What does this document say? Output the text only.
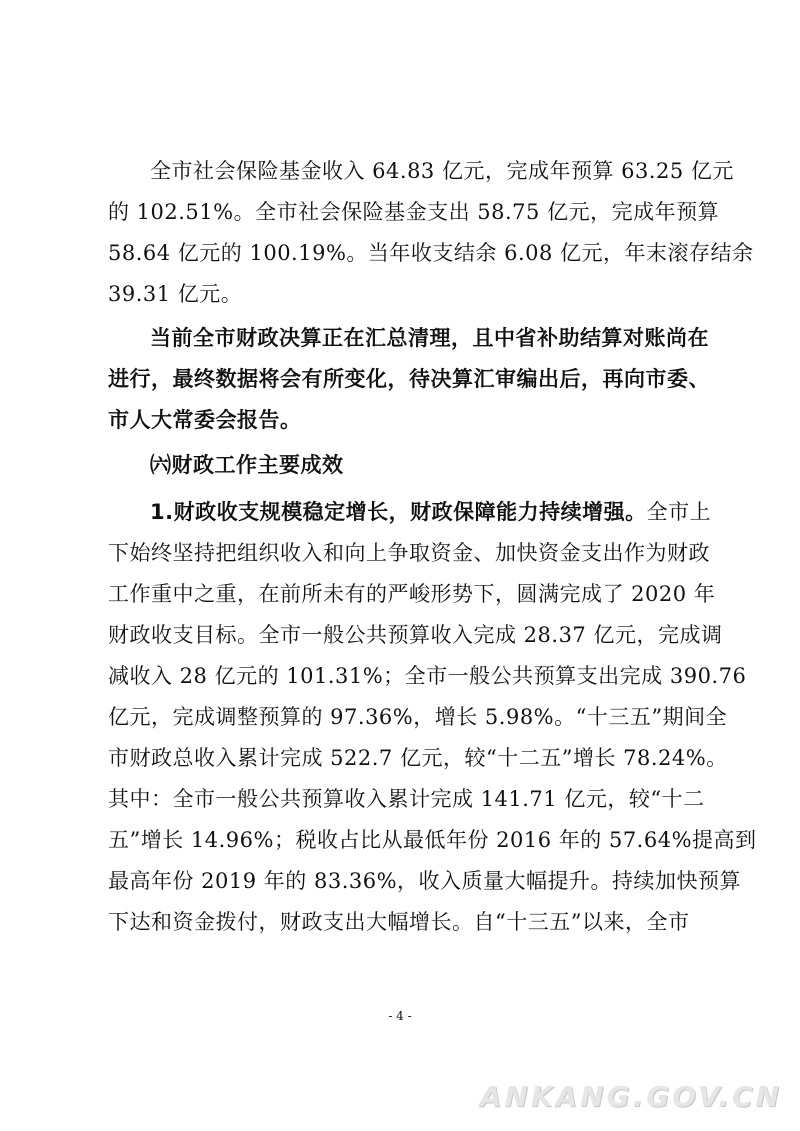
全市社会保险基金收入 64.83 亿元，完成年预算 63.25 亿元
的 102.51%。全市社会保险基金支出 58.75 亿元，完成年预算
58.64 亿元的 100.19%。当年收支结余 6.08 亿元，年末滚存结余
39.31 亿元。
当前全市财政决算正在汇总清理，且中省补助结算对账尚在
进行，最终数据将会有所变化，待决算汇审编出后，再向市委、
市人大常委会报告。
㈥财政工作主要成效
1.财政收支规模稳定增长，财政保障能力持续增强。全市上
下始终坚持把组织收入和向上争取资金、加快资金支出作为财政
工作重中之重，在前所未有的严峻形势下，圆满完成了 2020 年
财政收支目标。全市一般公共预算收入完成 28.37 亿元，完成调
减收入 28 亿元的 101.31%；全市一般公共预算支出完成 390.76
亿元，完成调整预算的 97.36%，增长 5.98%。“十三五”期间全
市财政总收入累计完成 522.7 亿元，较“十二五”增长 78.24%。
其中：全市一般公共预算收入累计完成 141.71 亿元，较“十二
五”增长 14.96%；税收占比从最低年份 2016 年的 57.64%提高到
最高年份 2019 年的 83.36%，收入质量大幅提升。持续加快预算
下达和资金拨付，财政支出大幅增长。自“十三五”以来，全市
- 4 -
ANKANG.GOV.CN
